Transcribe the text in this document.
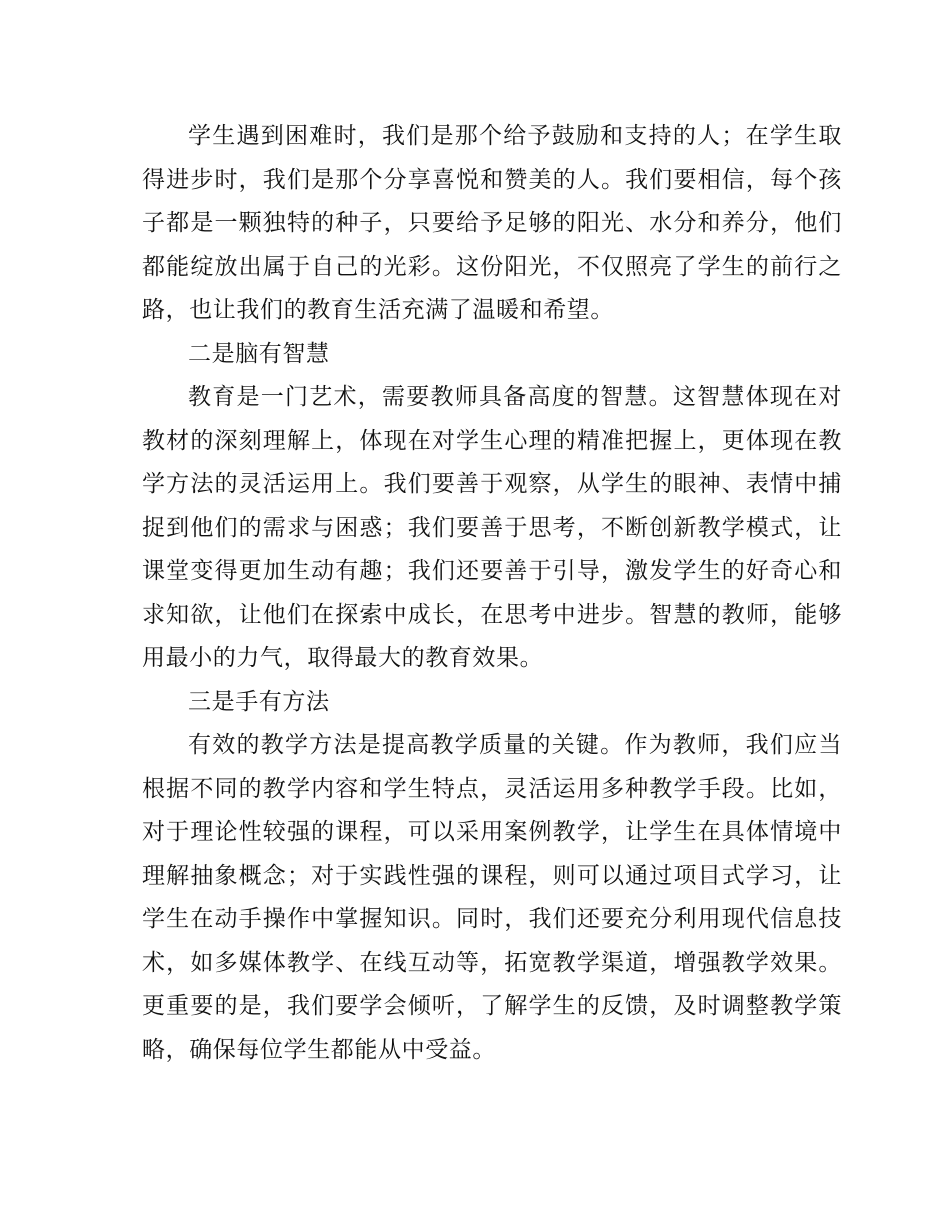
学生遇到困难时，我们是那个给予鼓励和支持的人；在学生取得进步时，我们是那个分享喜悦和赞美的人。我们要相信，每个孩子都是一颗独特的种子，只要给予足够的阳光、水分和养分，他们都能绽放出属于自己的光彩。这份阳光，不仅照亮了学生的前行之路，也让我们的教育生活充满了温暖和希望。

二是脑有智慧

教育是一门艺术，需要教师具备高度的智慧。这智慧体现在对教材的深刻理解上，体现在对学生心理的精准把握上，更体现在教学方法的灵活运用上。我们要善于观察，从学生的眼神、表情中捕捉到他们的需求与困惑；我们要善于思考，不断创新教学模式，让课堂变得更加生动有趣；我们还要善于引导，激发学生的好奇心和求知欲，让他们在探索中成长，在思考中进步。智慧的教师，能够用最小的力气，取得最大的教育效果。

三是手有方法

有效的教学方法是提高教学质量的关键。作为教师，我们应当根据不同的教学内容和学生特点，灵活运用多种教学手段。比如，对于理论性较强的课程，可以采用案例教学，让学生在具体情境中理解抽象概念；对于实践性强的课程，则可以通过项目式学习，让学生在动手操作中掌握知识。同时，我们还要充分利用现代信息技术，如多媒体教学、在线互动等，拓宽教学渠道，增强教学效果。更重要的是，我们要学会倾听，了解学生的反馈，及时调整教学策略，确保每位学生都能从中受益。
